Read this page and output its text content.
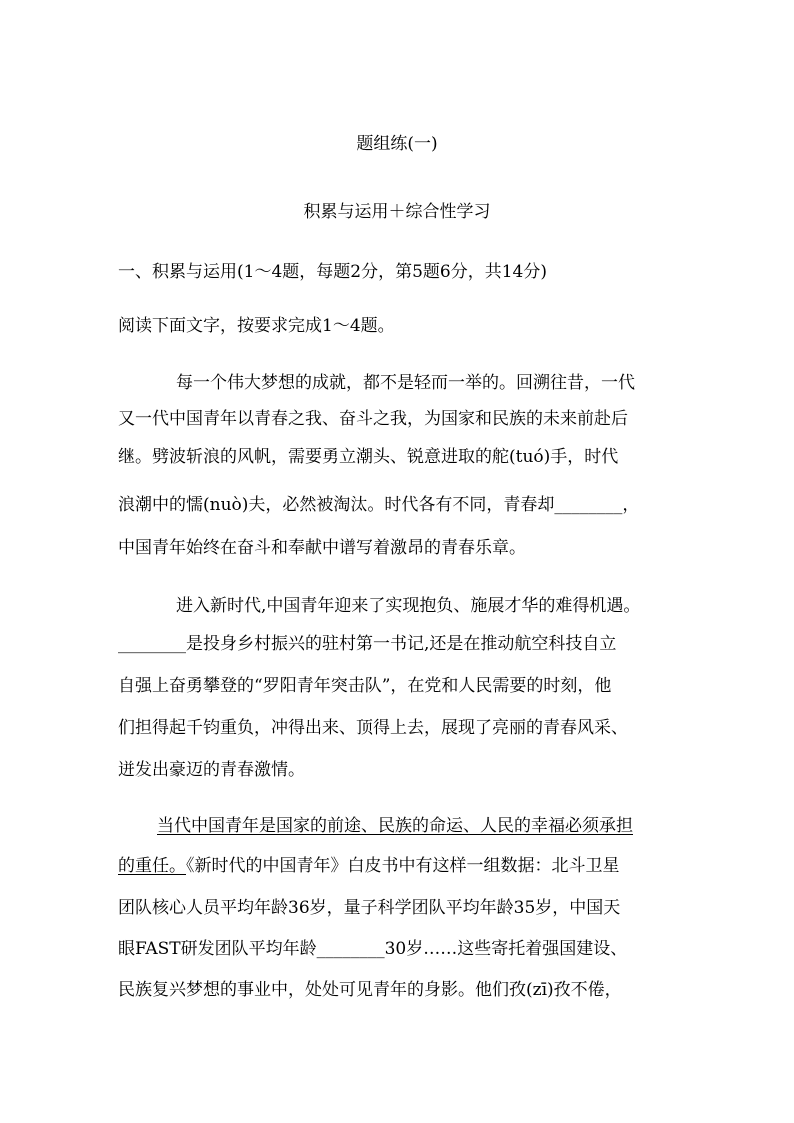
题组练(一)
积累与运用＋综合性学习
一、积累与运用(1～4题，每题2分，第5题6分，共14分)
阅读下面文字，按要求完成1～4题。
每一个伟大梦想的成就，都不是轻而一举的。回溯往昔，一代
又一代中国青年以青春之我、奋斗之我，为国家和民族的未来前赴后
继。劈波斩浪的风帆，需要勇立潮头、锐意进取的舵(tuó)手，时代
浪潮中的懦(nuò)夫，必然被淘汰。时代各有不同，青春却________，
中国青年始终在奋斗和奉献中谱写着激昂的青春乐章。
进入新时代,中国青年迎来了实现抱负、施展才华的难得机遇。
________是投身乡村振兴的驻村第一书记,还是在推动航空科技自立
自强上奋勇攀登的“罗阳青年突击队”，在党和人民需要的时刻，他
们担得起千钧重负，冲得出来、顶得上去，展现了亮丽的青春风采、
迸发出豪迈的青春激情。
当代中国青年是国家的前途、民族的命运、人民的幸福必须承担
的重任。《新时代的中国青年》白皮书中有这样一组数据：北斗卫星
团队核心人员平均年龄36岁，量子科学团队平均年龄35岁，中国天
眼FAST研发团队平均年龄________30岁……这些寄托着强国建设、
民族复兴梦想的事业中，处处可见青年的身影。他们孜(zī)孜不倦，
